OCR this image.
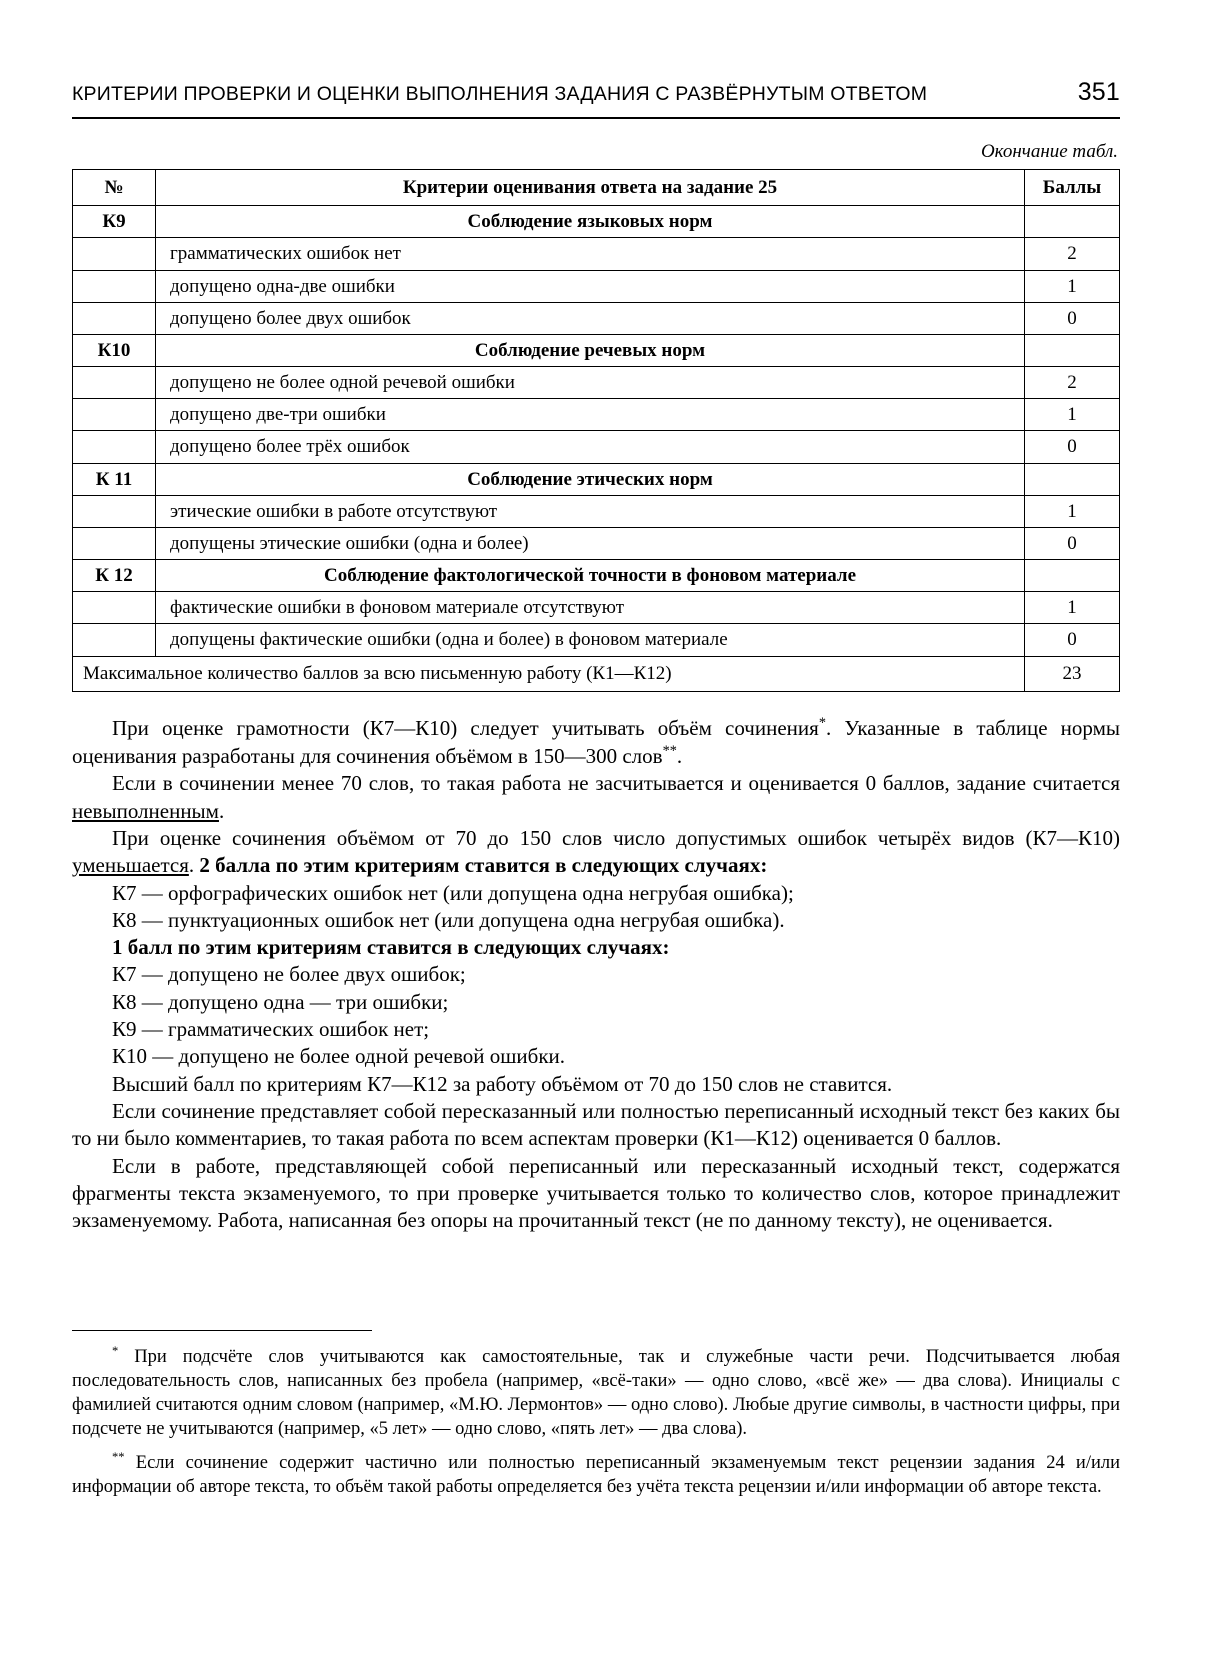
КРИТЕРИИ ПРОВЕРКИ И ОЦЕНКИ ВЫПОЛНЕНИЯ ЗАДАНИЯ С РАЗВЁРНУТЫМ ОТВЕТОМ	351
Окончание табл.
№	Критерии оценивания ответа на задание 25	Баллы
К9	Соблюдение языковых норм	
	грамматических ошибок нет	2
	допущено одна-две ошибки	1
	допущено более двух ошибок	0
К10	Соблюдение речевых норм	
	допущено не более одной речевой ошибки	2
	допущено две-три ошибки	1
	допущено более трёх ошибок	0
К 11	Соблюдение этических норм	
	этические ошибки в работе отсутствуют	1
	допущены этические ошибки (одна и более)	0
К 12	Соблюдение фактологической точности в фоновом материале	
	фактические ошибки в фоновом материале отсутствуют	1
	допущены фактические ошибки (одна и более) в фоновом материале	0
Максимальное количество баллов за всю письменную работу (К1—К12)		23

При оценке грамотности (К7—К10) следует учитывать объём сочинения*. Указанные в таблице нормы оценивания разработаны для сочинения объёмом в 150—300 слов**.

Если в сочинении менее 70 слов, то такая работа не засчитывается и оценивается 0 баллов, задание считается невыполненным.

При оценке сочинения объёмом от 70 до 150 слов число допустимых ошибок четырёх видов (К7—К10) уменьшается. 2 балла по этим критериям ставится в следующих случаях:

К7 — орфографических ошибок нет (или допущена одна негрубая ошибка);

К8 — пунктуационных ошибок нет (или допущена одна негрубая ошибка).

1 балл по этим критериям ставится в следующих случаях:

К7 — допущено не более двух ошибок;

К8 — допущено одна — три ошибки;

К9 — грамматических ошибок нет;

К10 — допущено не более одной речевой ошибки.

Высший балл по критериям К7—К12 за работу объёмом от 70 до 150 слов не ставится.

Если сочинение представляет собой пересказанный или полностью переписанный исходный текст без каких бы то ни было комментариев, то такая работа по всем аспектам проверки (К1—К12) оценивается 0 баллов.

Если в работе, представляющей собой переписанный или пересказанный исходный текст, содержатся фрагменты текста экзаменуемого, то при проверке учитывается только то количество слов, которое принадлежит экзаменуемому. Работа, написанная без опоры на прочитанный текст (не по данному тексту), не оценивается.

* При подсчёте слов учитываются как самостоятельные, так и служебные части речи. Подсчитывается любая последовательность слов, написанных без пробела (например, «всё-таки» — одно слово, «всё же» — два слова). Инициалы с фамилией считаются одним словом (например, «М.Ю. Лермонтов» — одно слово). Любые другие символы, в частности цифры, при подсчете не учитываются (например, «5 лет» — одно слово, «пять лет» — два слова).

** Если сочинение содержит частично или полностью переписанный экзаменуемым текст рецензии задания 24 и/или информации об авторе текста, то объём такой работы определяется без учёта текста рецензии и/или информации об авторе текста.
